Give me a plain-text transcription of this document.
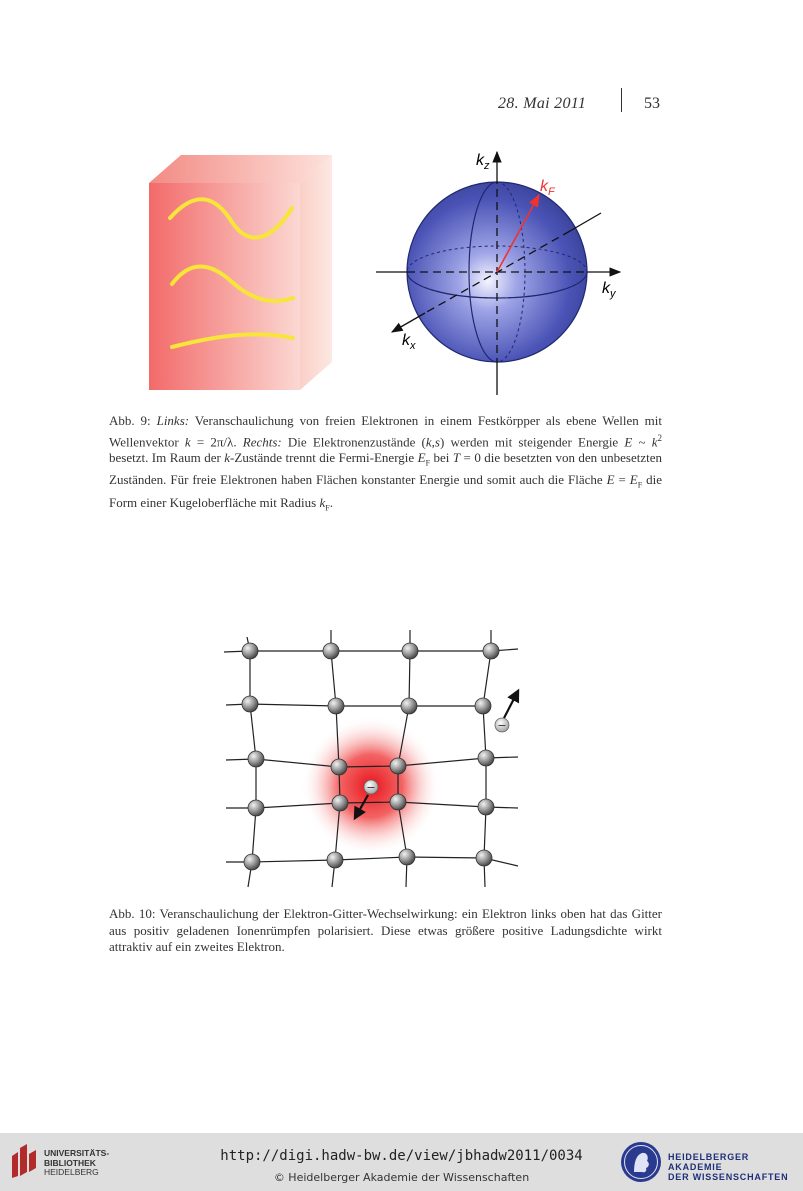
28. Mai 2011	53
$k_z$
$k_F$
$k_y$
$k_x$
Abb. 9: Links: Veranschaulichung von freien Elektronen in einem Festkörpper als ebene Wellen mit Wellenvektor k = 2π/λ. Rechts: Die Elektronenzustände (k,s) werden mit steigender Energie E ~ $k^2$ besetzt. Im Raum der k-Zustände trennt die Fermi-Energie $E_F$ bei T = 0 die besetzten von den unbesetzten Zuständen. Für freie Elektronen haben Flächen konstanter Energie und somit auch die Fläche $E = E_F$ die Form einer Kugeloberfläche mit Radius $k_F$.
−
−
Abb. 10: Veranschaulichung der Elektron-Gitter-Wechselwirkung: ein Elektron links oben hat das Gitter aus positiv geladenen Ionenrümpfen polarisiert. Diese etwas größere positive Ladungsdichte wirkt attraktiv auf ein zweites Elektron.
UNIVERSITÄTS-
BIBLIOTHEK
HEIDELBERG
http://digi.hadw-bw.de/view/jbhadw2011/0034
© Heidelberger Akademie der Wissenschaften
HEIDELBERGER AKADEMIE
DER WISSENSCHAFTEN
